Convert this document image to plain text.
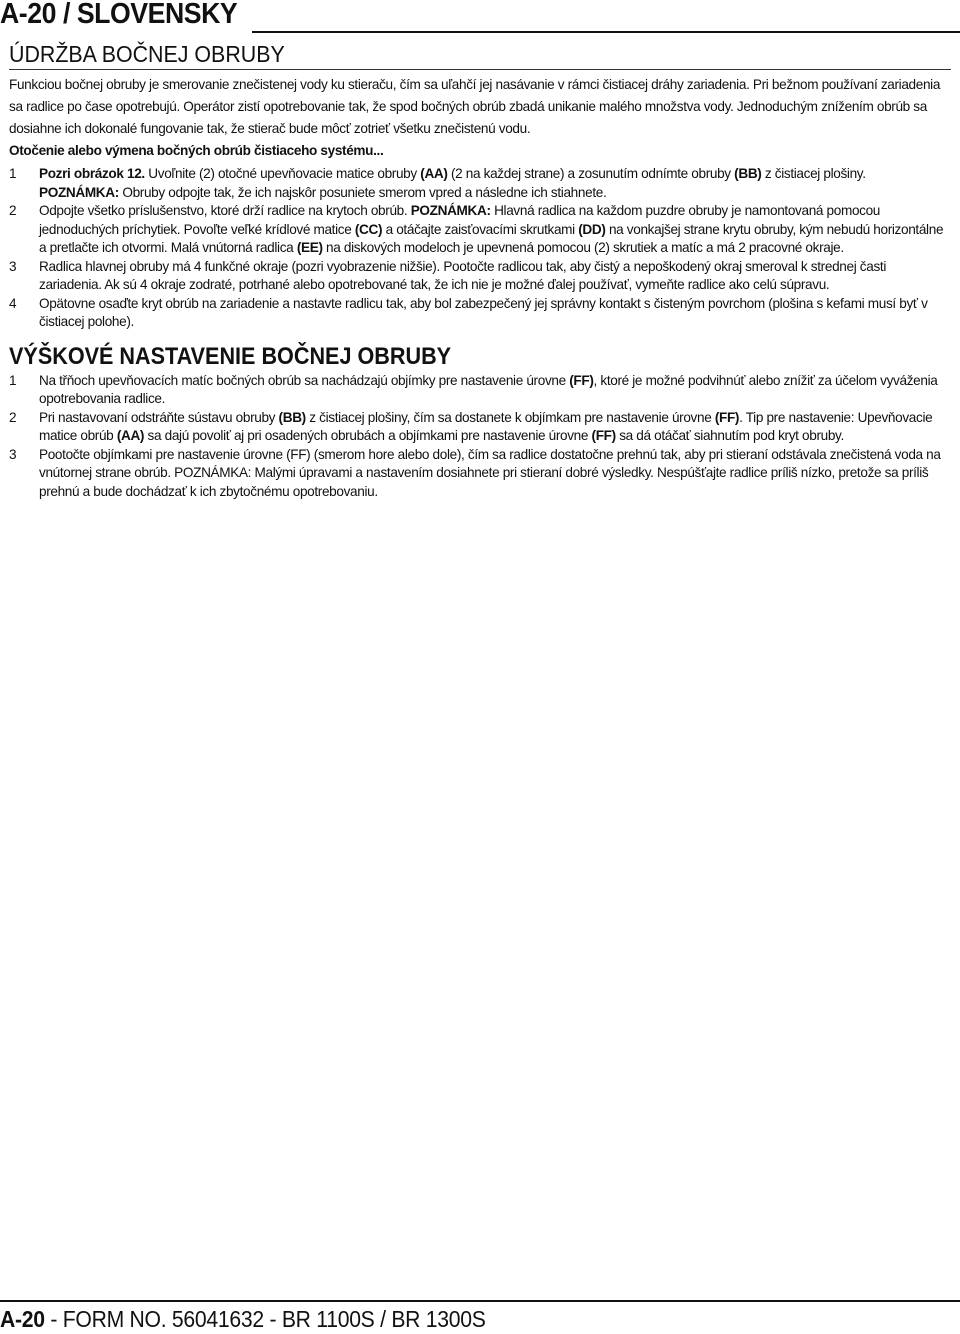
A-20 / SLOVENSKY
ÚDRŽBA BOČNEJ OBRUBY

Funkciou bočnej obruby je smerovanie znečistenej vody ku stieraču, čím sa uľahčí jej nasávanie v rámci čistiacej dráhy zariadenia. Pri bežnom používaní zariadenia sa radlice po čase opotrebujú. Operátor zistí opotrebovanie tak, že spod bočných obrúb zbadá unikanie malého množstva vody. Jednoduchým znížením obrúb sa dosiahne ich dokonalé fungovanie tak, že stierač bude môcť zotrieť všetku znečistenú vodu.

Otočenie alebo výmena bočných obrúb čistiaceho systému...

1	Pozri obrázok 12. Uvoľnite (2) otočné upevňovacie matice obruby (AA) (2 na každej strane) a zosunutím odnímte obruby (BB) z čistiacej plošiny.
POZNÁMKA: Obruby odpojte tak, že ich najskôr posuniete smerom vpred a následne ich stiahnete.
2	Odpojte všetko príslušenstvo, ktoré drží radlice na krytoch obrúb. POZNÁMKA: Hlavná radlica na každom puzdre obruby je namontovaná pomocou jednoduchých príchytiek. Povoľte veľké krídlové matice (CC) a otáčajte zaisťovacími skrutkami (DD) na vonkajšej strane krytu obruby, kým nebudú horizontálne a pretlačte ich otvormi. Malá vnútorná radlica (EE) na diskových modeloch je upevnená pomocou (2) skrutiek a matíc a má 2 pracovné okraje.
3	Radlica hlavnej obruby má 4 funkčné okraje (pozri vyobrazenie nižšie). Pootočte radlicou tak, aby čistý a nepoškodený okraj smeroval k strednej časti zariadenia. Ak sú 4 okraje zodraté, potrhané alebo opotrebované tak, že ich nie je možné ďalej používať, vymeňte radlice ako celú súpravu.
4	Opätovne osaďte kryt obrúb na zariadenie a nastavte radlicu tak, aby bol zabezpečený jej správny kontakt s čisteným povrchom (plošina s kefami musí byť v čistiacej polohe).
VÝŠKOVÉ NASTAVENIE BOČNEJ OBRUBY
1	Na třňoch upevňovacích matíc bočných obrúb sa nachádzajú objímky pre nastavenie úrovne (FF), ktoré je možné podvihnúť alebo znížiť za účelom vyváženia opotrebovania radlice.
2	Pri nastavovaní odstráňte sústavu obruby (BB) z čistiacej plošiny, čím sa dostanete k objímkam pre nastavenie úrovne (FF). Tip pre nastavenie: Upevňovacie matice obrúb (AA) sa dajú povoliť aj pri osadených obrubách a objímkami pre nastavenie úrovne (FF) sa dá otáčať siahnutím pod kryt obruby.
3	Pootočte objímkami pre nastavenie úrovne (FF) (smerom hore alebo dole), čím sa radlice dostatočne prehnú tak, aby pri stieraní odstávala znečistená voda na vnútornej strane obrúb. POZNÁMKA: Malými úpravami a nastavením dosiahnete pri stieraní dobré výsledky. Nespúšťajte radlice príliš nízko, pretože sa príliš prehnú a bude dochádzať k ich zbytočnému opotrebovaniu.
A-20 - FORM NO. 56041632 - BR 1100S / BR 1300S
